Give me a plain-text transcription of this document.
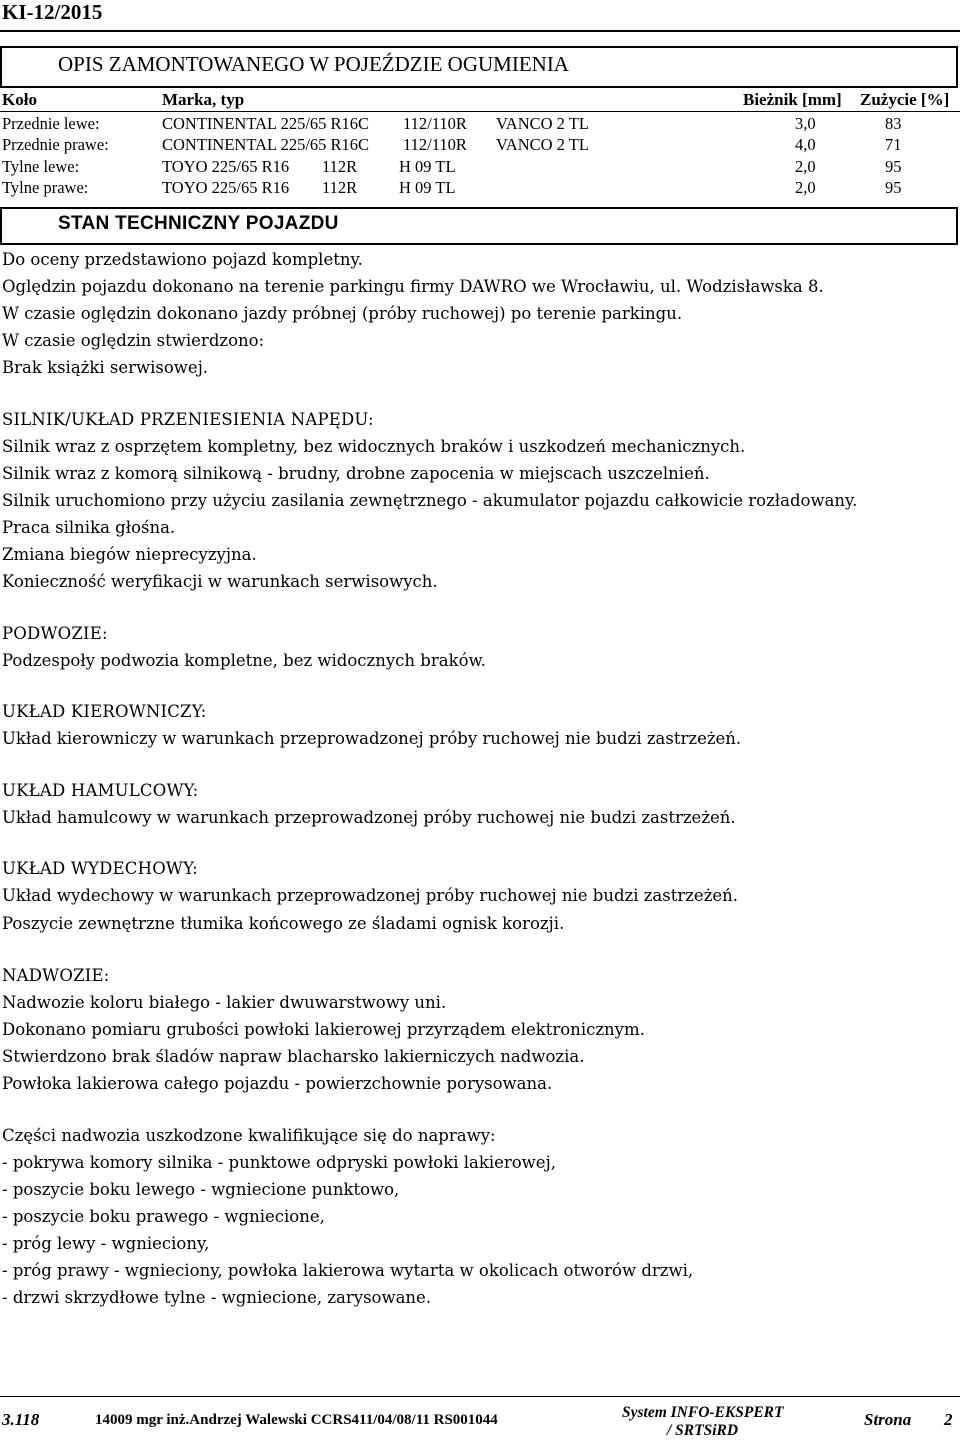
KI-12/2015
OPIS ZAMONTOWANEGO W POJEŹDZIE OGUMIENIA
Koło	Marka, typ	Bieżnik [mm] Zużycie [%]
Przednie lewe:	CONTINENTAL 225/65 R16C 112/110R VANCO 2 TL	3,0	83
Przednie prawe:	CONTINENTAL 225/65 R16C 112/110R VANCO 2 TL	4,0	71
Tylne lewe:	TOYO 225/65 R16 112R	H 09 TL	2,0	95
Tylne prawe:	TOYO 225/65 R16 112R	H 09 TL	2,0	95
STAN TECHNICZNY POJAZDU
Do oceny przedstawiono pojazd kompletny.
Oględzin pojazdu dokonano na terenie parkingu firmy DAWRO we Wrocławiu, ul. Wodzisławska 8.
W czasie oględzin dokonano jazdy próbnej (próby ruchowej) po terenie parkingu.
W czasie oględzin stwierdzono:
Brak książki serwisowej.
SILNIK/UKŁAD PRZENIESIENIA NAPĘDU:
Silnik wraz z osprzętem kompletny, bez widocznych braków i uszkodzeń mechanicznych.
Silnik wraz z komorą silnikową - brudny, drobne zapocenia w miejscach uszczelnień.
Silnik uruchomiono przy użyciu zasilania zewnętrznego - akumulator pojazdu całkowicie rozładowany.
Praca silnika głośna.
Zmiana biegów nieprecyzyjna.
Konieczność weryfikacji w warunkach serwisowych.
PODWOZIE:
Podzespoły podwozia kompletne, bez widocznych braków.
UKŁAD KIEROWNICZY:
Układ kierowniczy w warunkach przeprowadzonej próby ruchowej nie budzi zastrzeżeń.
UKŁAD HAMULCOWY:
Układ hamulcowy w warunkach przeprowadzonej próby ruchowej nie budzi zastrzeżeń.
UKŁAD WYDECHOWY:
Układ wydechowy w warunkach przeprowadzonej próby ruchowej nie budzi zastrzeżeń.
Poszycie zewnętrzne tłumika końcowego ze śladami ognisk korozji.
NADWOZIE:
Nadwozie koloru białego - lakier dwuwarstwowy uni.
Dokonano pomiaru grubości powłoki lakierowej przyrządem elektronicznym.
Stwierdzono brak śladów napraw blacharsko lakierniczych nadwozia.
Powłoka lakierowa całego pojazdu - powierzchownie porysowana.
Części nadwozia uszkodzone kwalifikujące się do naprawy:
- pokrywa komory silnika - punktowe odpryski powłoki lakierowej,
- poszycie boku lewego - wgniecione punktowo,
- poszycie boku prawego - wgniecione,
- próg lewy - wgnieciony,
- próg prawy - wgnieciony, powłoka lakierowa wytarta w okolicach otworów drzwi,
- drzwi skrzydłowe tylne - wgniecione, zarysowane.
3.118	14009 mgr inż.Andrzej Walewski CCRS411/04/08/11 RS001044	System INFO-EKSPERT
/ SRTSiRD
Strona 2
